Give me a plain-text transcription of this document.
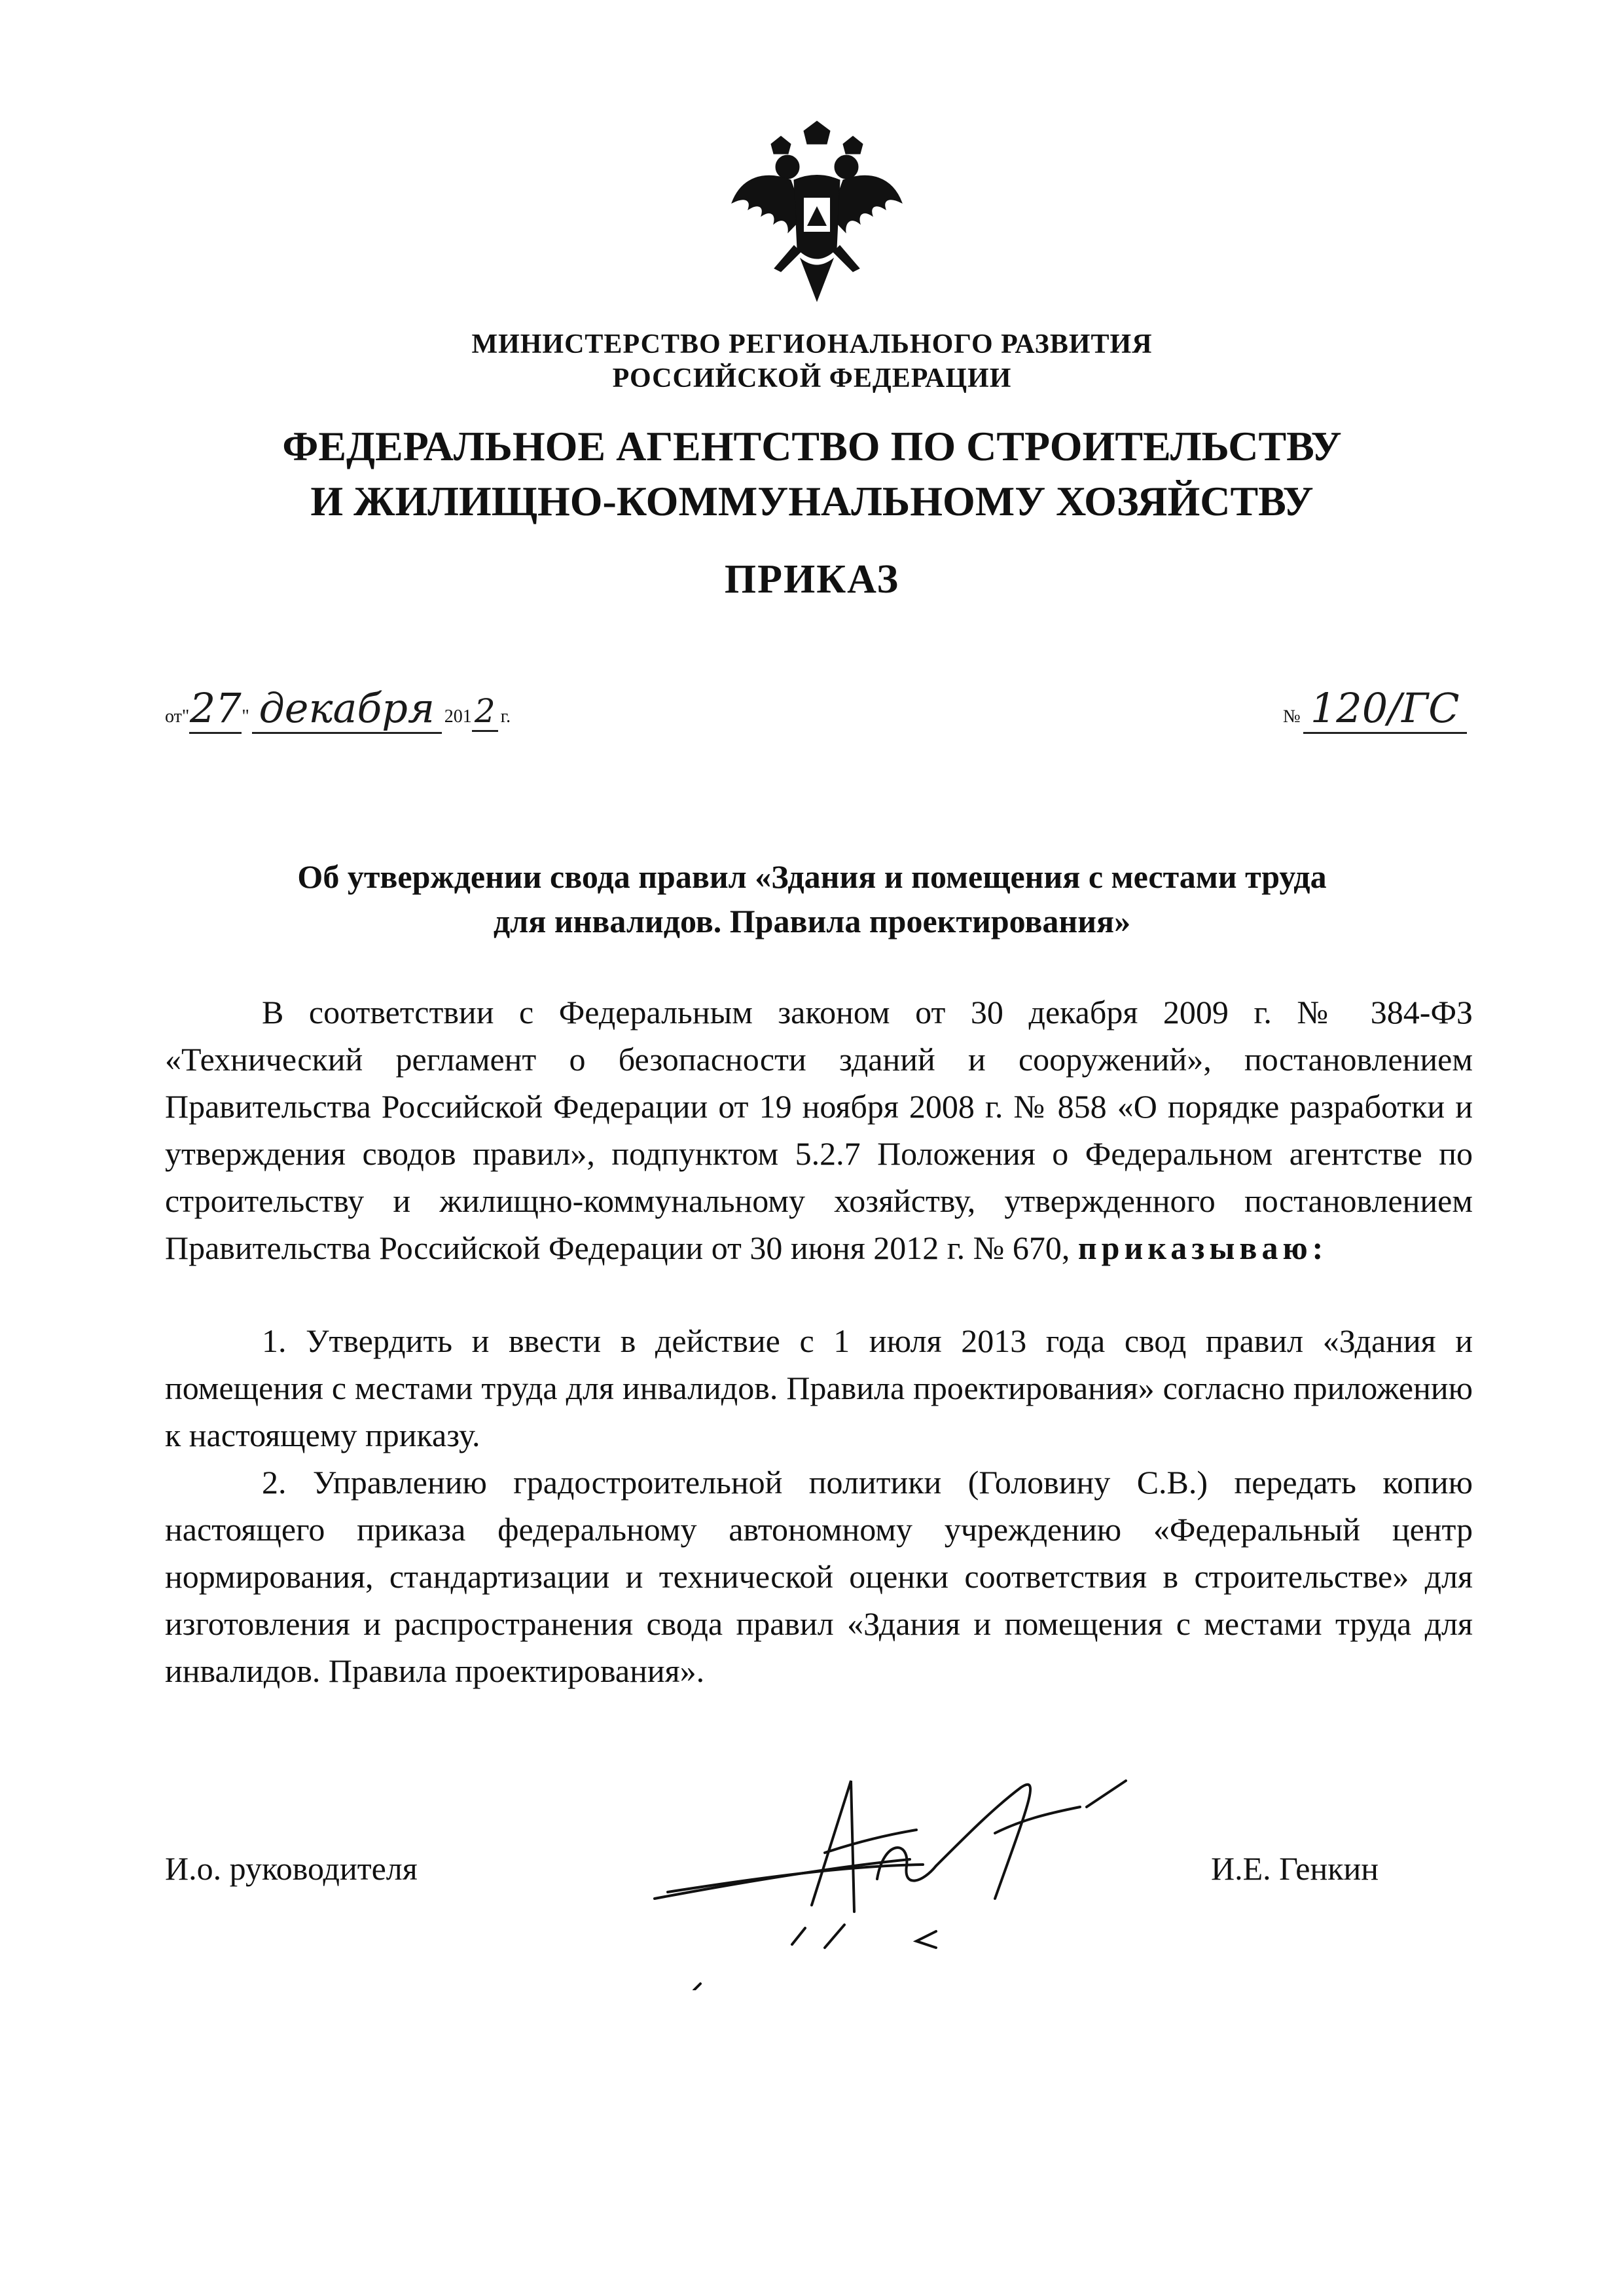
МИНИСТЕРСТВО РЕГИОНАЛЬНОГО РАЗВИТИЯ
РОССИЙСКОЙ ФЕДЕРАЦИИ
ФЕДЕРАЛЬНОЕ АГЕНТСТВО ПО СТРОИТЕЛЬСТВУ
И ЖИЛИЩНО-КОММУНАЛЬНОМУ ХОЗЯЙСТВУ
ПРИКАЗ
от"27" декабря 2012 г.	№ 120/ГС
Об утверждении свода правил «Здания и помещения с местами труда
для инвалидов. Правила проектирования»

В соответствии с Федеральным законом от 30 декабря 2009 г. № 384-ФЗ «Технический регламент о безопасности зданий и сооружений», постановлением Правительства Российской Федерации от 19 ноября 2008 г. № 858 «О порядке разработки и утверждения сводов правил», подпунктом 5.2.7 Положения о Федеральном агентстве по строительству и жилищно-коммунальному хозяйству, утвержденного постановлением Правительства Российской Федерации от 30 июня 2012 г. № 670, приказываю:

1. Утвердить и ввести в действие с 1 июля 2013 года свод правил «Здания и помещения с местами труда для инвалидов. Правила проектирования» согласно приложению к настоящему приказу.

2. Управлению градостроительной политики (Головину С.В.) передать копию настоящего приказа федеральному автономному учреждению «Федеральный центр нормирования, стандартизации и технической оценки соответствия в строительстве» для изготовления и распространения свода правил «Здания и помещения с местами труда для инвалидов. Правила проектирования».

И.о. руководителя	И.Е. Генкин
